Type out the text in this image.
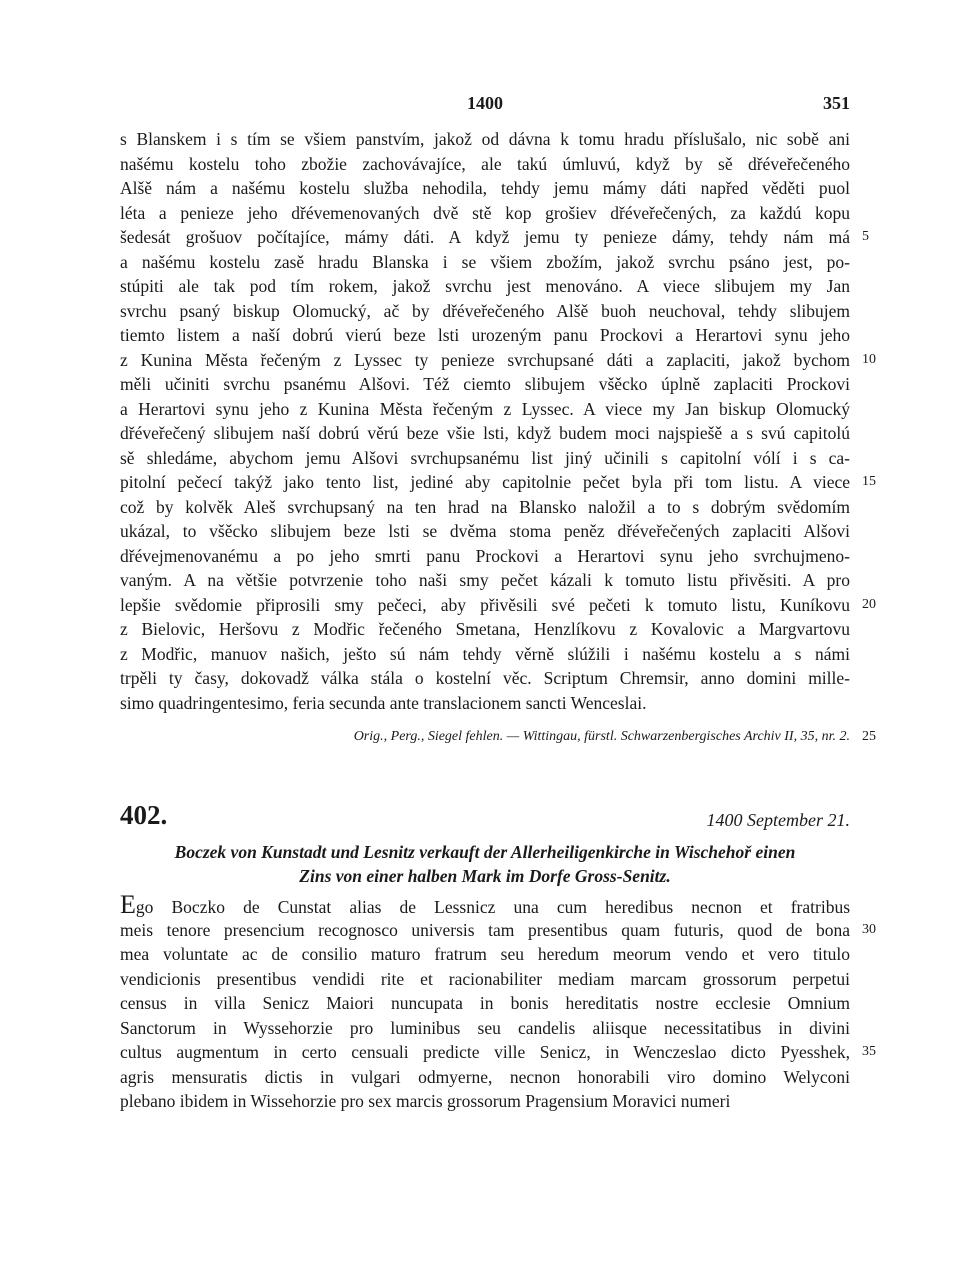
1400	351
s Blanskem i s tím se všiem panstvím, jakož od dávna k tomu hradu příslušalo, nic sobě ani
našému kostelu toho zbožie zachovávajíce, ale takú úmluvú, když by sě dřéveřečeného
Alšě nám a našému kostelu služba nehodila, tehdy jemu mámy dáti napřed věděti puol
léta a penieze jeho dřévemenovaných dvě stě kop grošiev dřéveřečených, za každú kopu
šedesát grošuov počítajíce, mámy dáti. A když jemu ty penieze dámy, tehdy nám má 5
a našému kostelu zasě hradu Blanska i se všiem zbožím, jakož svrchu psáno jest, po-
stúpiti ale tak pod tím rokem, jakož svrchu jest menováno. A viece slibujem my Jan
svrchu psaný biskup Olomucký, ač by dřéveřečeného Alšě buoh neuchoval, tehdy slibujem
tiemto listem a naší dobrú vierú beze lsti urozeným panu Prockovi a Herartovi synu jeho
z Kunina Města řečeným z Lyssec ty penieze svrchupsané dáti a zaplaciti, jakož bychom 10
měli učiniti svrchu psanému Alšovi. Též ciemto slibujem všěcko úplně zaplaciti Prockovi
a Herartovi synu jeho z Kunina Města řečeným z Lyssec. A viece my Jan biskup Olomucký
dřéveřečený slibujem naší dobrú věrú beze všie lsti, když budem moci najspiešě a s svú capitolú
sě shledáme, abychom jemu Alšovi svrchupsanému list jiný učinili s capitolní vólí i s ca-
pitolní pečecí takýž jako tento list, jediné aby capitolnie pečet byla při tom listu. A viece 15
což by kolvěk Aleš svrchupsaný na ten hrad na Blansko naložil a to s dobrým svědomím
ukázal, to všěcko slibujem beze lsti se dvěma stoma peněz dřéveřečených zaplaciti Alšovi
dřévejmenovanému a po jeho smrti panu Prockovi a Herartovi synu jeho svrchujmeno-
vaným. A na většie potvrzenie toho naši smy pečet kázali k tomuto listu přivěsiti. A pro
lepšie svědomie připrosili smy pečeci, aby přivěsili své pečeti k tomuto listu, Kuníkovu 20
z Bielovic, Heršovu z Modřic řečeného Smetana, Henzlíkovu z Kovalovic a Margvartovu
z Modřic, manuov našich, ješto sú nám tehdy věrně slúžili i našému kostelu a s námi
trpěli ty časy, dokovadž válka stála o kostelní věc. Scriptum Chremsir, anno domini mille-
simo quadringentesimo, feria secunda ante translacionem sancti Wenceslai.
Orig., Perg., Siegel fehlen. — Wittingau, fürstl. Schwarzenbergisches Archiv II, 35, nr. 2. 25
402.	1400 September 21.
Boczek von Kunstadt und Lesnitz verkauft der Allerheiligenkirche in Wischehoř einen
Zins von einer halben Mark im Dorfe Gross-Senitz.
Ego Boczko de Cunstat alias de Lessnicz una cum heredibus necnon et fratribus
meis tenore presencium recognosco universis tam presentibus quam futuris, quod de bona 30
mea voluntate ac de consilio maturo fratrum seu heredum meorum vendo et vero titulo
vendicionis presentibus vendidi rite et racionabiliter mediam marcam grossorum perpetui
census in villa Senicz Maiori nuncupata in bonis hereditatis nostre ecclesie Omnium
Sanctorum in Wyssehorzie pro luminibus seu candelis aliisque necessitatibus in divini
cultus augmentum in certo censuali predicte ville Senicz, in Wenczeslao dicto Pyesshek, 35
agris mensuratis dictis in vulgari odmyerne, necnon honorabili viro domino Welyconi
plebano ibidem in Wissehorzie pro sex marcis grossorum Pragensium Moravici numeri
